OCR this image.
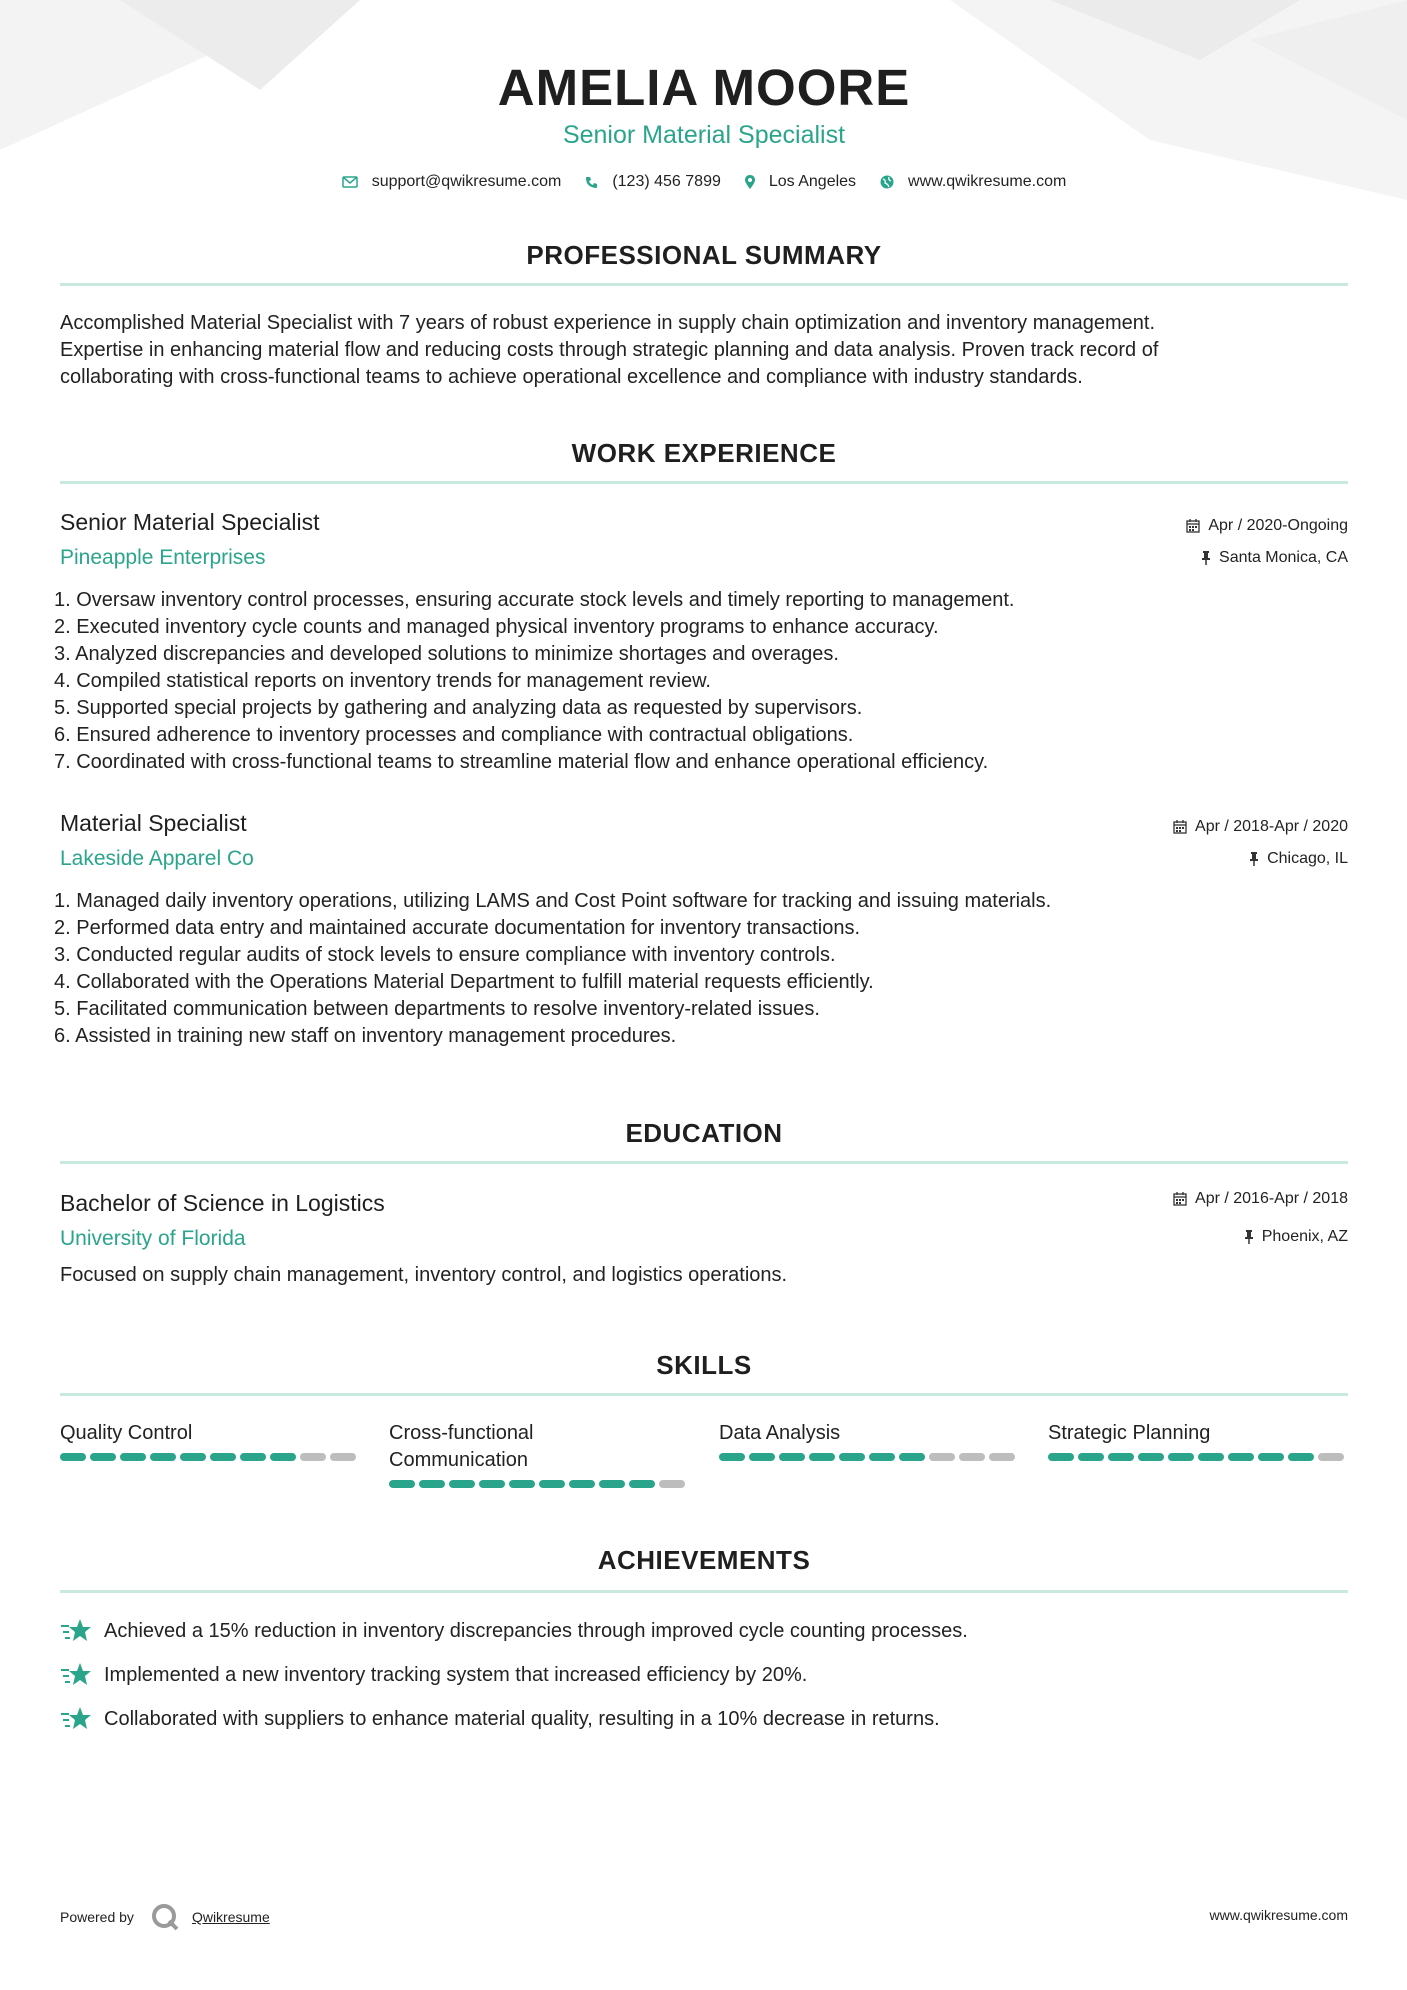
AMELIA MOORE
Senior Material Specialist
support@qwikresume.com	(123) 456 7899	Los Angeles	www.qwikresume.com
PROFESSIONAL SUMMARY
Accomplished Material Specialist with 7 years of robust experience in supply chain optimization and inventory management.
Expertise in enhancing material flow and reducing costs through strategic planning and data analysis. Proven track record of
collaborating with cross-functional teams to achieve operational excellence and compliance with industry standards.
WORK EXPERIENCE
Senior Material Specialist
Pineapple Enterprises
Apr / 2020-Ongoing
Santa Monica, CA
1. Oversaw inventory control processes, ensuring accurate stock levels and timely reporting to management.
2. Executed inventory cycle counts and managed physical inventory programs to enhance accuracy.
3. Analyzed discrepancies and developed solutions to minimize shortages and overages.
4. Compiled statistical reports on inventory trends for management review.
5. Supported special projects by gathering and analyzing data as requested by supervisors.
6. Ensured adherence to inventory processes and compliance with contractual obligations.
7. Coordinated with cross-functional teams to streamline material flow and enhance operational efficiency.
Material Specialist
Lakeside Apparel Co
Apr / 2018-Apr / 2020
Chicago, IL
1. Managed daily inventory operations, utilizing LAMS and Cost Point software for tracking and issuing materials.
2. Performed data entry and maintained accurate documentation for inventory transactions.
3. Conducted regular audits of stock levels to ensure compliance with inventory controls.
4. Collaborated with the Operations Material Department to fulfill material requests efficiently.
5. Facilitated communication between departments to resolve inventory-related issues.
6. Assisted in training new staff on inventory management procedures.
EDUCATION
Bachelor of Science in Logistics
University of Florida
Apr / 2016-Apr / 2018
Phoenix, AZ
Focused on supply chain management, inventory control, and logistics operations.
SKILLS
Quality Control	Cross-functional
Communication
Data Analysis	Strategic Planning
ACHIEVEMENTS
Achieved a 15% reduction in inventory discrepancies through improved cycle counting processes.
Implemented a new inventory tracking system that increased efficiency by 20%.
Collaborated with suppliers to enhance material quality, resulting in a 10% decrease in returns.
Powered by	Qwikresume	www.qwikresume.com
